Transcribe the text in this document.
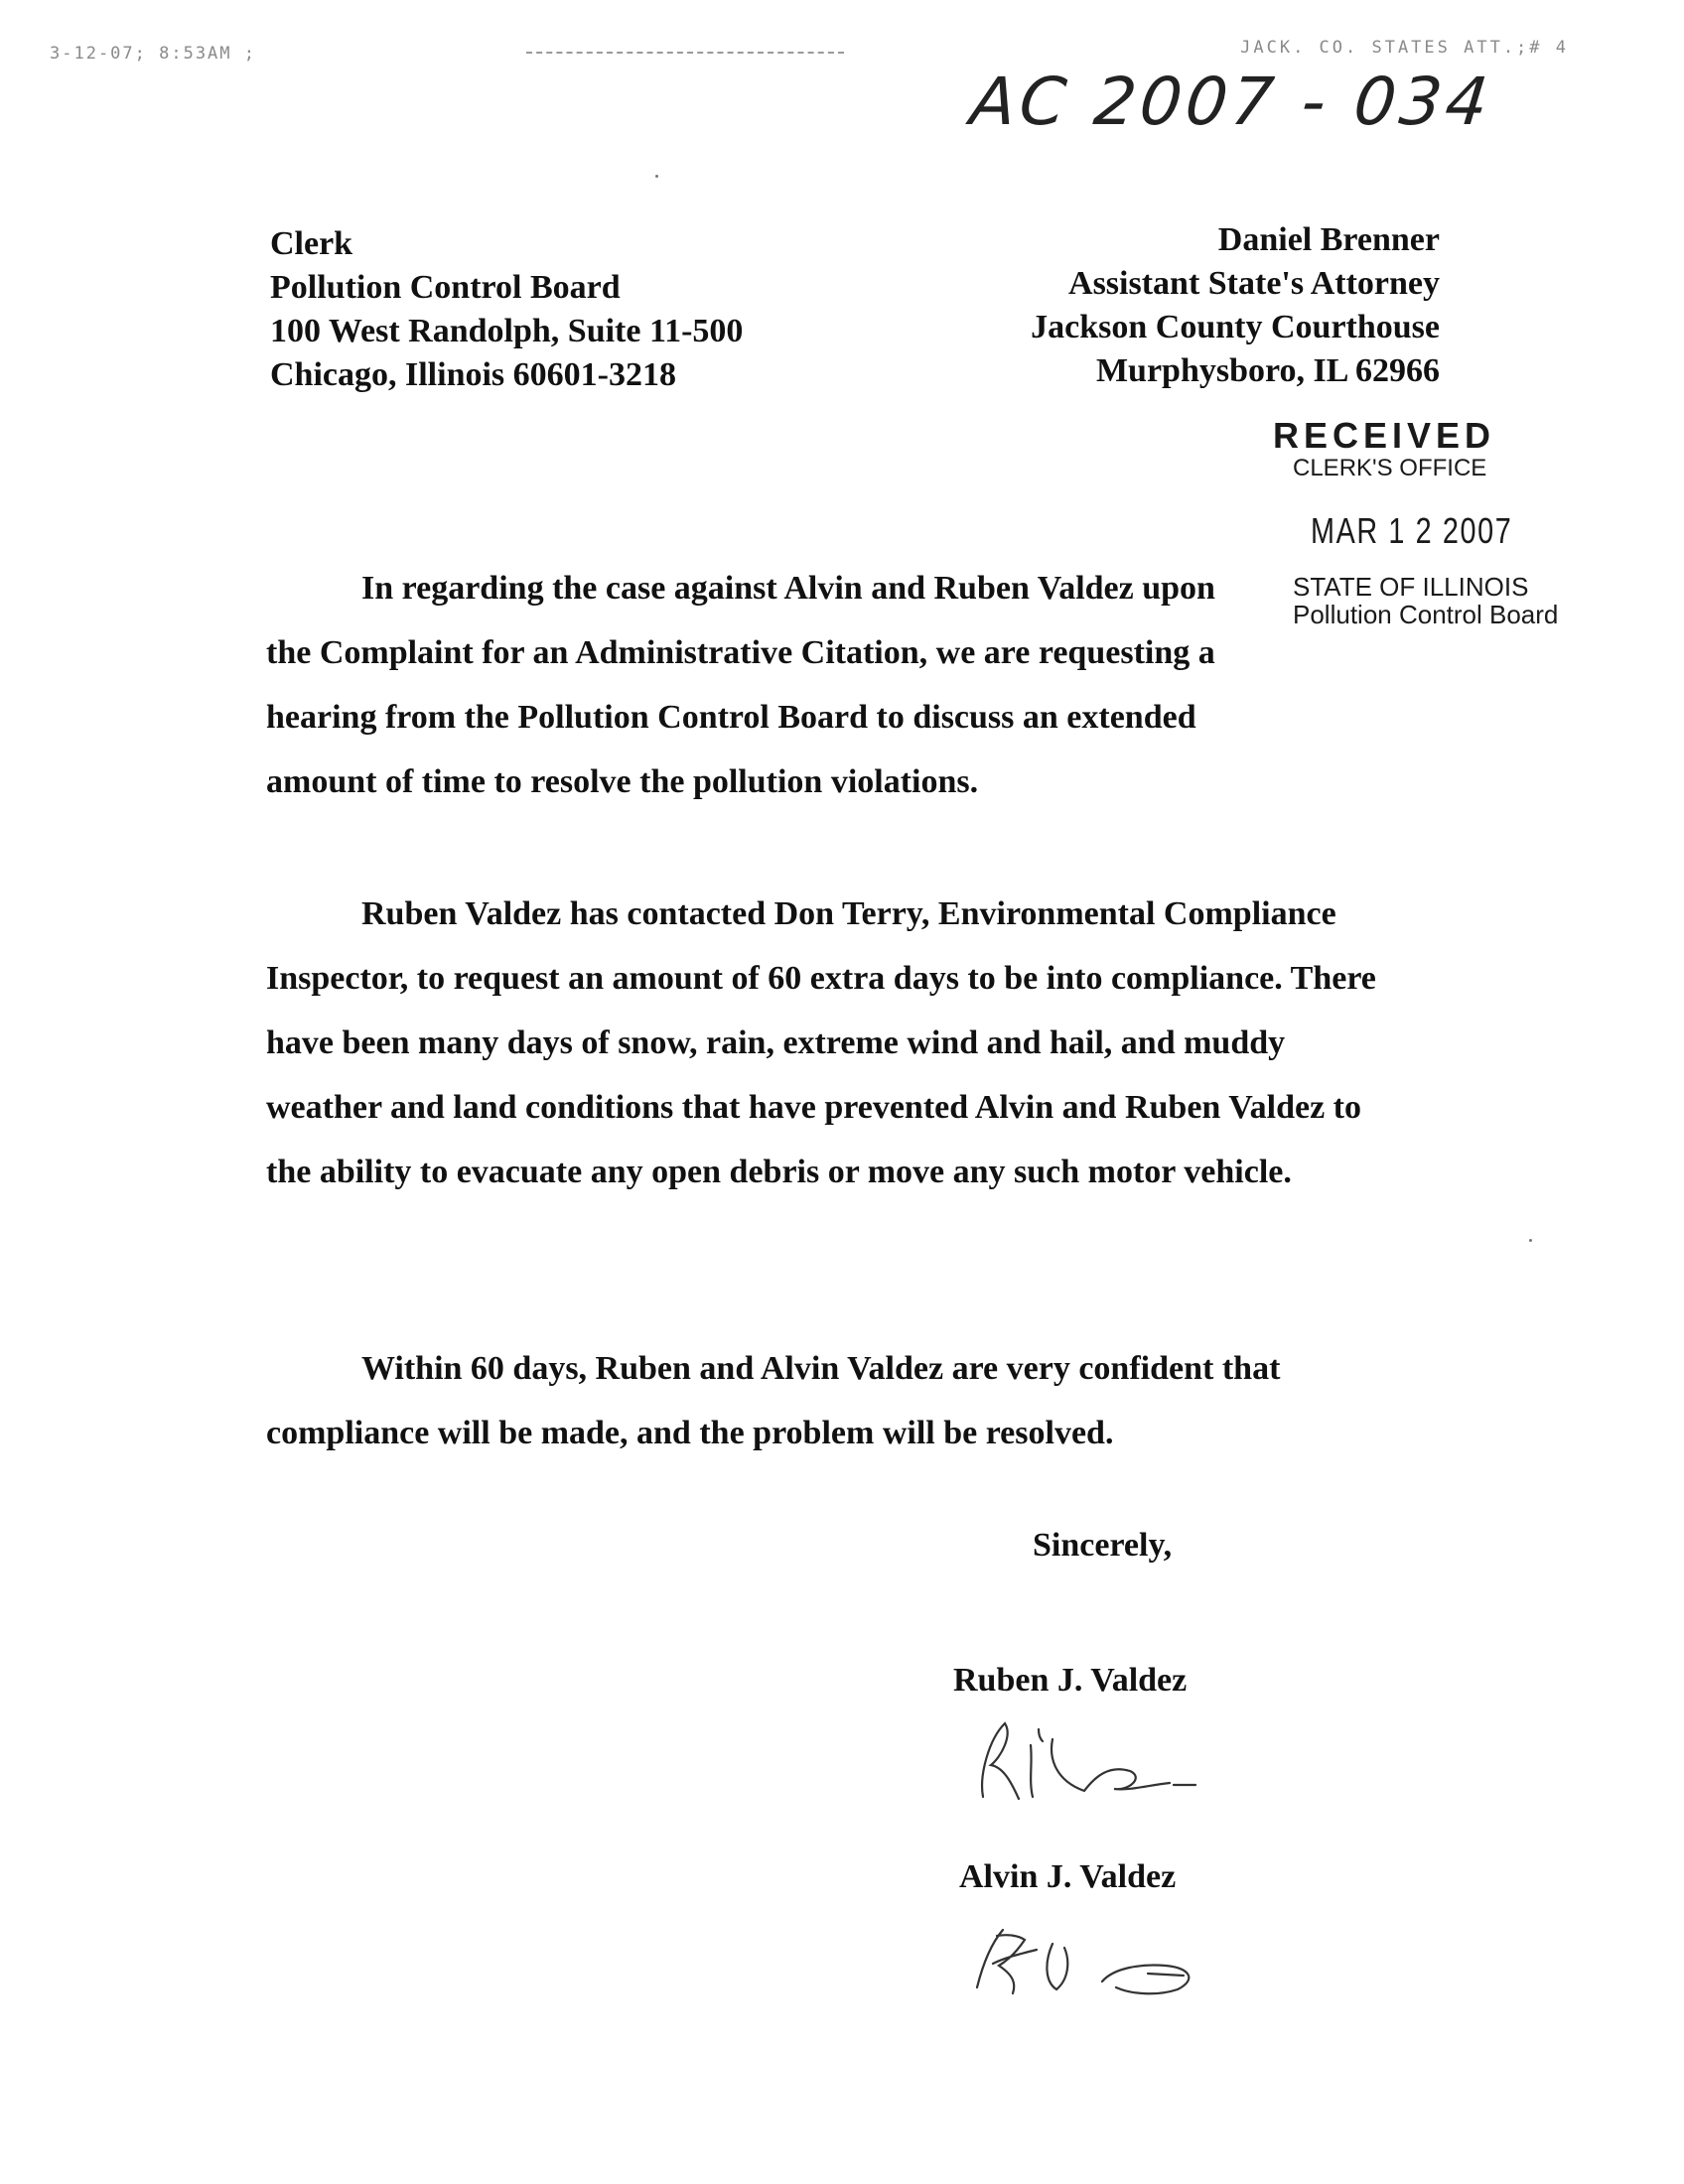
3-12-07; 8:53AM ;	JACK. CO. STATES ATT.;# 4
AC 2007 - 034
Clerk
Pollution Control Board
100 West Randolph, Suite 11-500
Chicago, Illinois 60601-3218
Daniel Brenner
Assistant State's Attorney
Jackson County Courthouse
Murphysboro, IL 62966
RECEIVED
CLERK'S OFFICE
MAR 1 2 2007
STATE OF ILLINOIS
Pollution Control Board

In regarding the case against Alvin and Ruben Valdez upon the Complaint for an Administrative Citation, we are requesting a hearing from the Pollution Control Board to discuss an extended amount of time to resolve the pollution violations.

Ruben Valdez has contacted Don Terry, Environmental Compliance Inspector, to request an amount of 60 extra days to be into compliance. There have been many days of snow, rain, extreme wind and hail, and muddy weather and land conditions that have prevented Alvin and Ruben Valdez to the ability to evacuate any open debris or move any such motor vehicle.

Within 60 days, Ruben and Alvin Valdez are very confident that compliance will be made, and the problem will be resolved.

Sincerely,
Ruben J. Valdez
Alvin J. Valdez
